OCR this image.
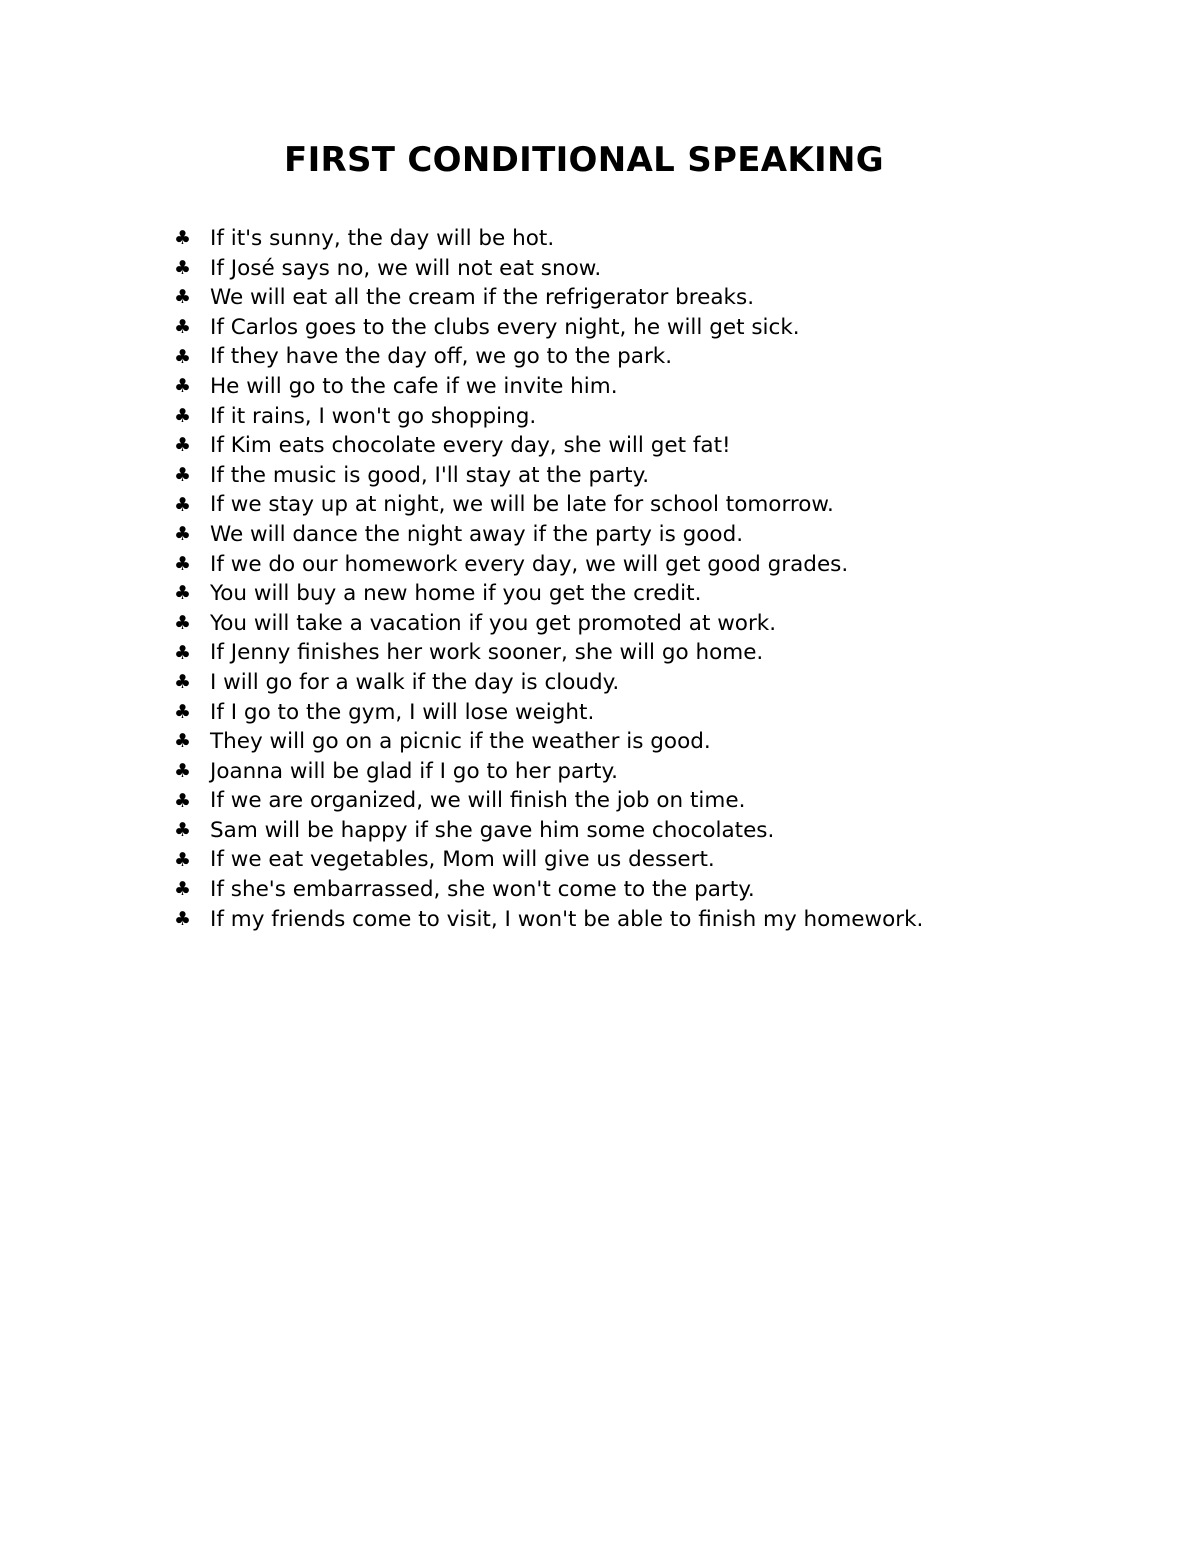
FIRST CONDITIONAL SPEAKING
♣ If it's sunny, the day will be hot.
♣ If José says no, we will not eat snow.
♣ We will eat all the cream if the refrigerator breaks.
♣ If Carlos goes to the clubs every night, he will get sick.
♣ If they have the day off, we go to the park.
♣ He will go to the cafe if we invite him.
♣ If it rains, I won't go shopping.
♣ If Kim eats chocolate every day, she will get fat!
♣ If the music is good, I'll stay at the party.
♣ If we stay up at night, we will be late for school tomorrow.
♣ We will dance the night away if the party is good.
♣ If we do our homework every day, we will get good grades.
♣ You will buy a new home if you get the credit.
♣ You will take a vacation if you get promoted at work.
♣ If Jenny finishes her work sooner, she will go home.
♣ I will go for a walk if the day is cloudy.
♣ If I go to the gym, I will lose weight.
♣ They will go on a picnic if the weather is good.
♣ Joanna will be glad if I go to her party.
♣ If we are organized, we will finish the job on time.
♣ Sam will be happy if she gave him some chocolates.
♣ If we eat vegetables, Mom will give us dessert.
♣ If she's embarrassed, she won't come to the party.
♣ If my friends come to visit, I won't be able to finish my homework.
